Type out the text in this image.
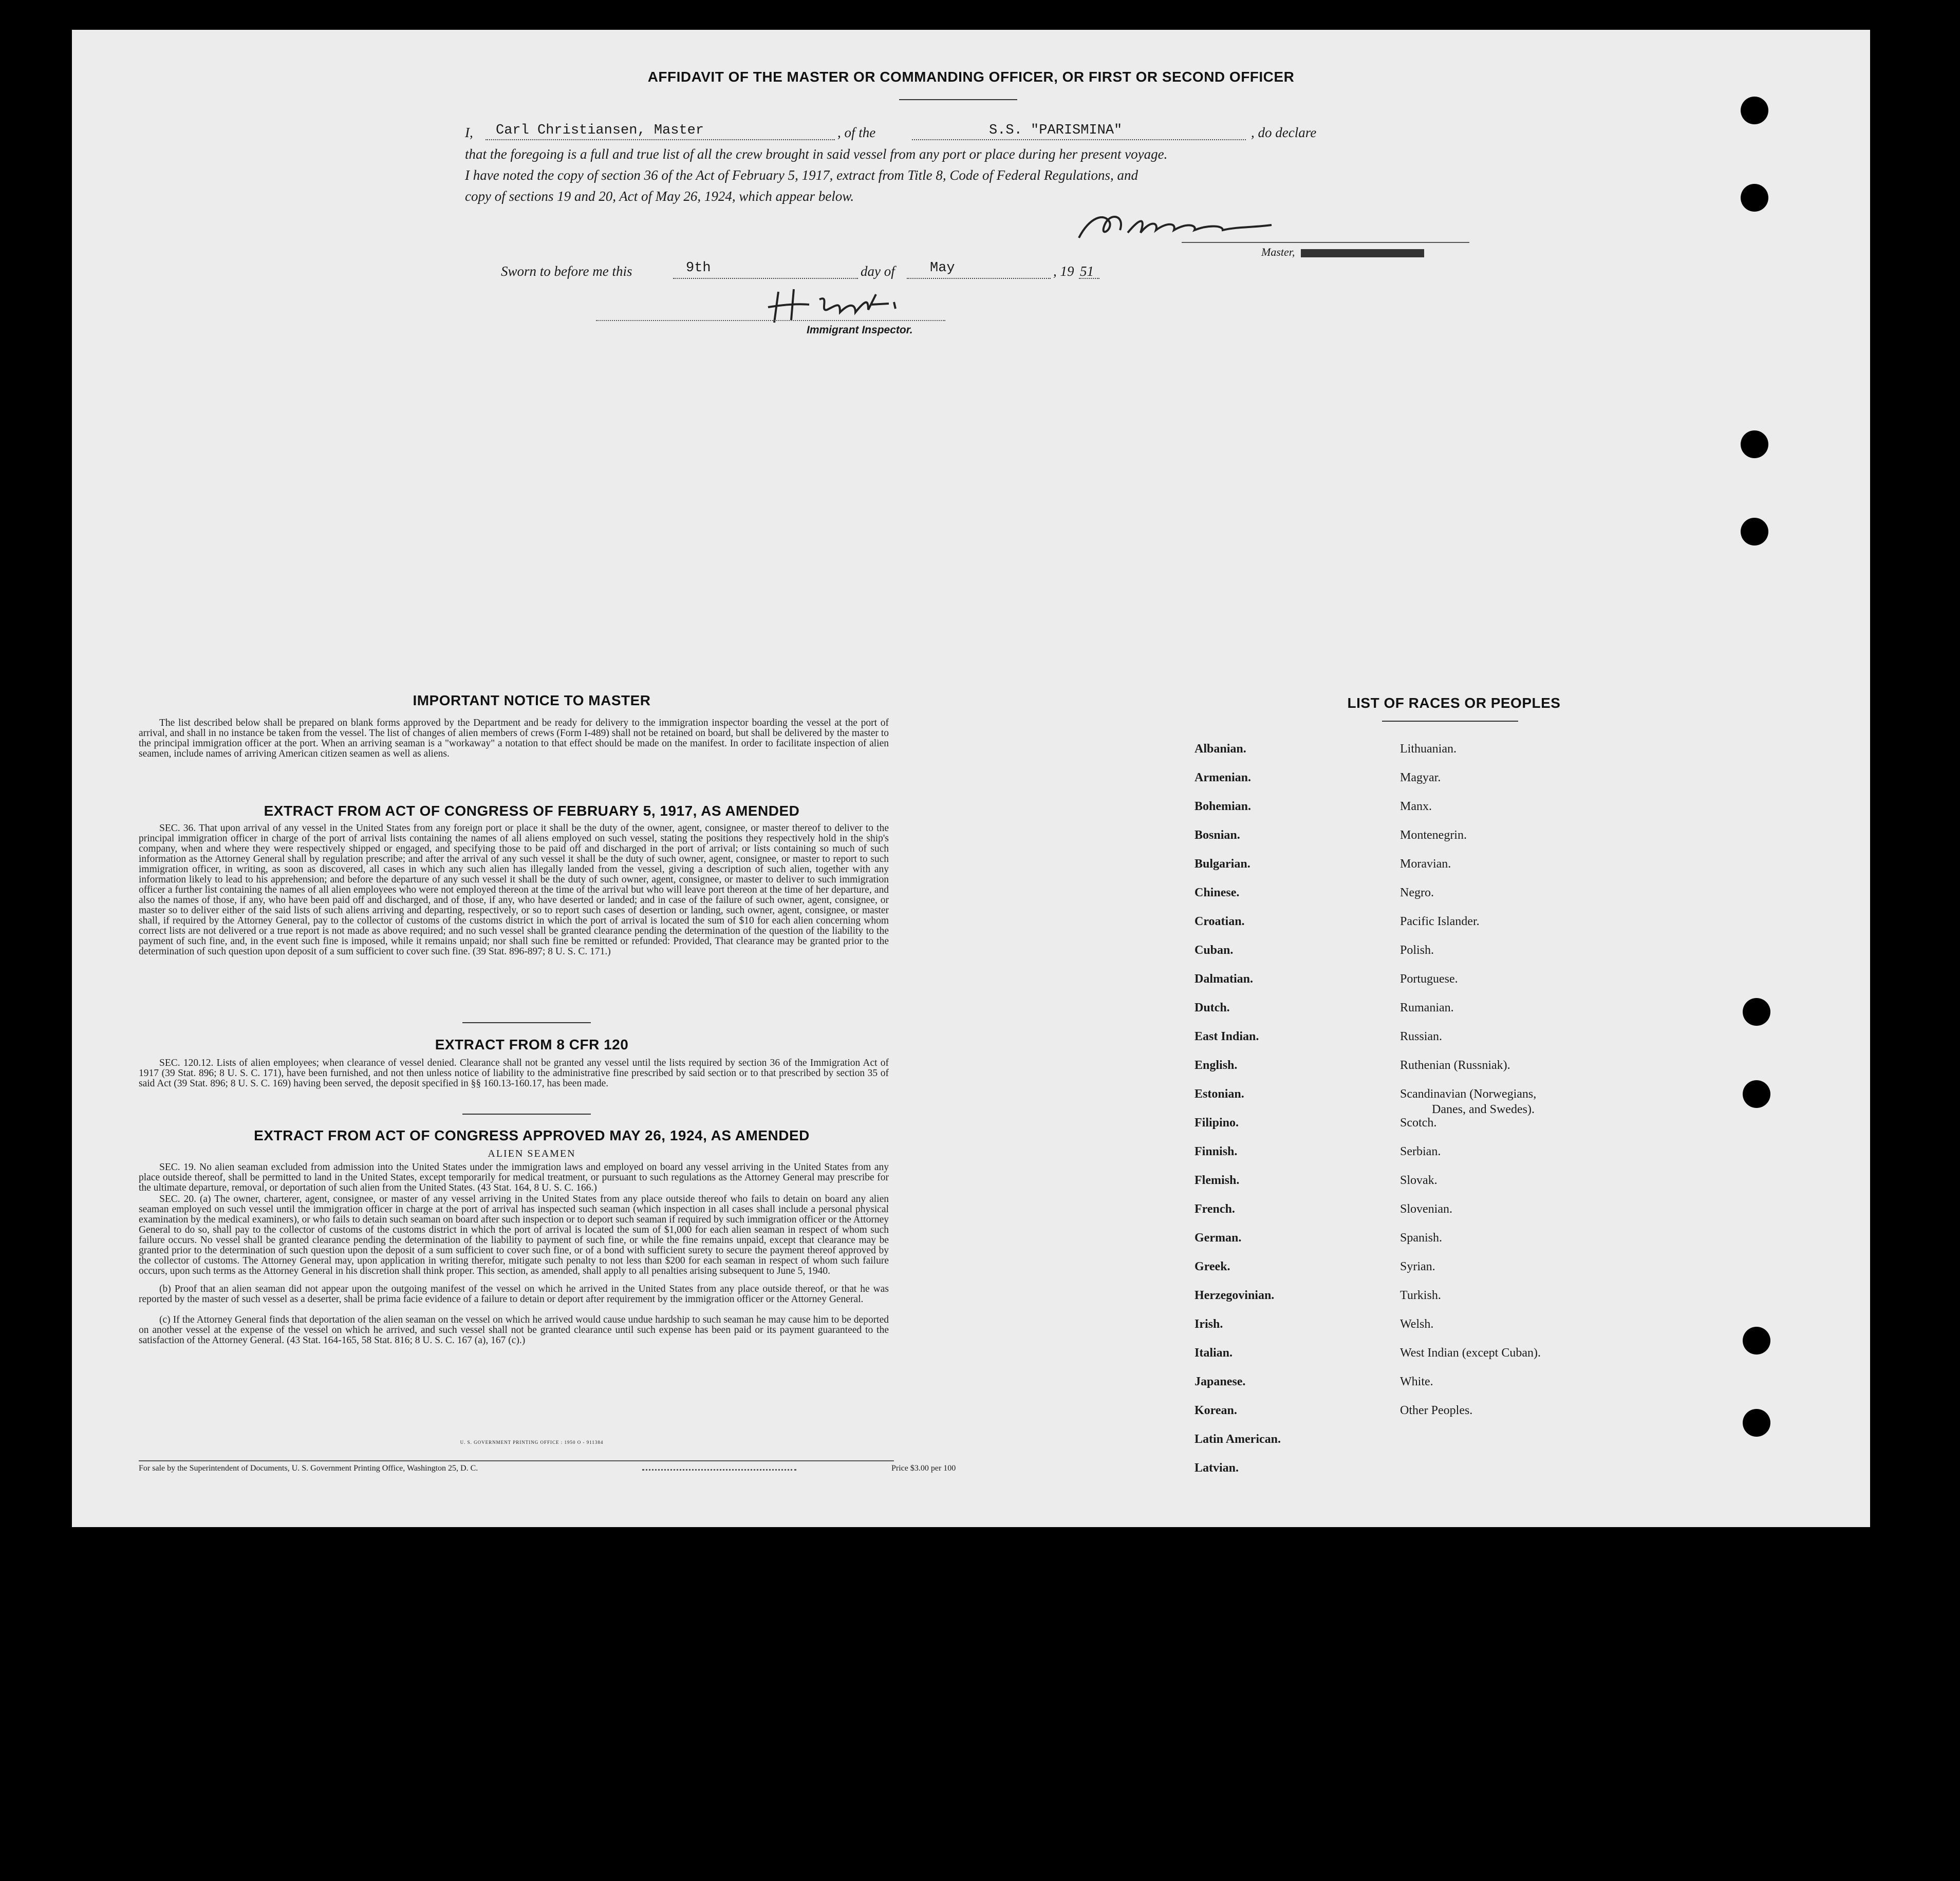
AFFIDAVIT OF THE MASTER OR COMMANDING OFFICER, OR FIRST OR SECOND OFFICER
I, Carl Christiansen, Master	, of the	S.S. "PARISMINA"	, do declare
that the foregoing is a full and true list of all the crew brought in said vessel from any port or place during her present voyage.
I have noted the copy of section 36 of the Act of February 5, 1917, extract from Title 8, Code of Federal Regulations, and
copy of sections 19 and 20, Act of May 26, 1924, which appear below.
Master,
Sworn to before me this	9th	day of	May	, 19 51
Immigrant Inspector.
IMPORTANT NOTICE TO MASTER
The list described below shall be prepared on blank forms approved by the Department and be ready for delivery to the immigration inspector boarding the vessel at the port of arrival, and shall in no instance be taken from the vessel. The list of changes of alien members of crews (Form I-489) shall not be retained on board, but shall be delivered by the master to the principal immigration officer at the port. When an arriving seaman is a "workaway" a notation to that effect should be made on the manifest. In order to facilitate inspection of alien seamen, include names of arriving American citizen seamen as well as aliens.
EXTRACT FROM ACT OF CONGRESS OF FEBRUARY 5, 1917, AS AMENDED
SEC. 36. That upon arrival of any vessel in the United States from any foreign port or place it shall be the duty of the owner, agent, consignee, or master thereof to deliver to the principal immigration officer in charge of the port of arrival lists containing the names of all aliens employed on such vessel, stating the positions they respectively hold in the ship's company, when and where they were respectively shipped or engaged, and specifying those to be paid off and discharged in the port of arrival; or lists containing so much of such information as the Attorney General shall by regulation prescribe; and after the arrival of any such vessel it shall be the duty of such owner, agent, consignee, or master to report to such immigration officer, in writing, as soon as discovered, all cases in which any such alien has illegally landed from the vessel, giving a description of such alien, together with any information likely to lead to his apprehension; and before the departure of any such vessel it shall be the duty of such owner, agent, consignee, or master to deliver to such immigration officer a further list containing the names of all alien employees who were not employed thereon at the time of the arrival but who will leave port thereon at the time of her departure, and also the names of those, if any, who have been paid off and discharged, and of those, if any, who have deserted or landed; and in case of the failure of such owner, agent, consignee, or master so to deliver either of the said lists of such aliens arriving and departing, respectively, or so to report such cases of desertion or landing, such owner, agent, consignee, or master shall, if required by the Attorney General, pay to the collector of customs of the customs district in which the port of arrival is located the sum of $10 for each alien concerning whom correct lists are not delivered or a true report is not made as above required; and no such vessel shall be granted clearance pending the determination of the question of the liability to the payment of such fine, and, in the event such fine is imposed, while it remains unpaid; nor shall such fine be remitted or refunded: Provided, That clearance may be granted prior to the determination of such question upon deposit of a sum sufficient to cover such fine. (39 Stat. 896-897; 8 U. S. C. 171.)
EXTRACT FROM 8 CFR 120
SEC. 120.12. Lists of alien employees; when clearance of vessel denied. Clearance shall not be granted any vessel until the lists required by section 36 of the Immigration Act of 1917 (39 Stat. 896; 8 U. S. C. 171), have been furnished, and not then unless notice of liability to the administrative fine prescribed by said section or to that prescribed by section 35 of said Act (39 Stat. 896; 8 U. S. C. 169) having been served, the deposit specified in §§ 160.13-160.17, has been made.
EXTRACT FROM ACT OF CONGRESS APPROVED MAY 26, 1924, AS AMENDED
ALIEN SEAMEN
SEC. 19. No alien seaman excluded from admission into the United States under the immigration laws and employed on board any vessel arriving in the United States from any place outside thereof, shall be permitted to land in the United States, except temporarily for medical treatment, or pursuant to such regulations as the Attorney General may prescribe for the ultimate departure, removal, or deportation of such alien from the United States. (43 Stat. 164, 8 U. S. C. 166.)
SEC. 20. (a) The owner, charterer, agent, consignee, or master of any vessel arriving in the United States from any place outside thereof who fails to detain on board any alien seaman employed on such vessel until the immigration officer in charge at the port of arrival has inspected such seaman (which inspection in all cases shall include a personal physical examination by the medical examiners), or who fails to detain such seaman on board after such inspection or to deport such seaman if required by such immigration officer or the Attorney General to do so, shall pay to the collector of customs of the customs district in which the port of arrival is located the sum of $1,000 for each alien seaman in respect of whom such failure occurs. No vessel shall be granted clearance pending the determination of the liability to payment of such fine, or while the fine remains unpaid, except that clearance may be granted prior to the determination of such question upon the deposit of a sum sufficient to cover such fine, or of a bond with sufficient surety to secure the payment thereof approved by the collector of customs. The Attorney General may, upon application in writing therefor, mitigate such penalty to not less than $200 for each seaman in respect of whom such failure occurs, upon such terms as the Attorney General in his discretion shall think proper. This section, as amended, shall apply to all penalties arising subsequent to June 5, 1940.
(b) Proof that an alien seaman did not appear upon the outgoing manifest of the vessel on which he arrived in the United States from any place outside thereof, or that he was reported by the master of such vessel as a deserter, shall be prima facie evidence of a failure to detain or deport after requirement by the immigration officer or the Attorney General.
(c) If the Attorney General finds that deportation of the alien seaman on the vessel on which he arrived would cause undue hardship to such seaman he may cause him to be deported on another vessel at the expense of the vessel on which he arrived, and such vessel shall not be granted clearance until such expense has been paid or its payment guaranteed to the satisfaction of the Attorney General. (43 Stat. 164-165, 58 Stat. 816; 8 U. S. C. 167 (a), 167 (c).)
U. S. GOVERNMENT PRINTING OFFICE : 1950 O - 911384
For sale by the Superintendent of Documents, U. S. Government Printing Office, Washington 25, D. C.	Price $3.00 per 100
LIST OF RACES OR PEOPLES
Albanian.
Armenian.
Bohemian.
Bosnian.
Bulgarian.
Chinese.
Croatian.
Cuban.
Dalmatian.
Dutch.
East Indian.
English.
Estonian.
Filipino.
Finnish.
Flemish.
French.
German.
Greek.
Herzegovinian.
Irish.
Italian.
Japanese.
Korean.
Latin American.
Latvian.
Lithuanian.
Magyar.
Manx.
Montenegrin.
Moravian.
Negro.
Pacific Islander.
Polish.
Portuguese.
Rumanian.
Russian.
Ruthenian (Russniak).
Scandinavian (Norwegians,
Danes, and Swedes).
Scotch.
Serbian.
Slovak.
Slovenian.
Spanish.
Syrian.
Turkish.
Welsh.
West Indian (except Cuban).
White.
Other Peoples.
